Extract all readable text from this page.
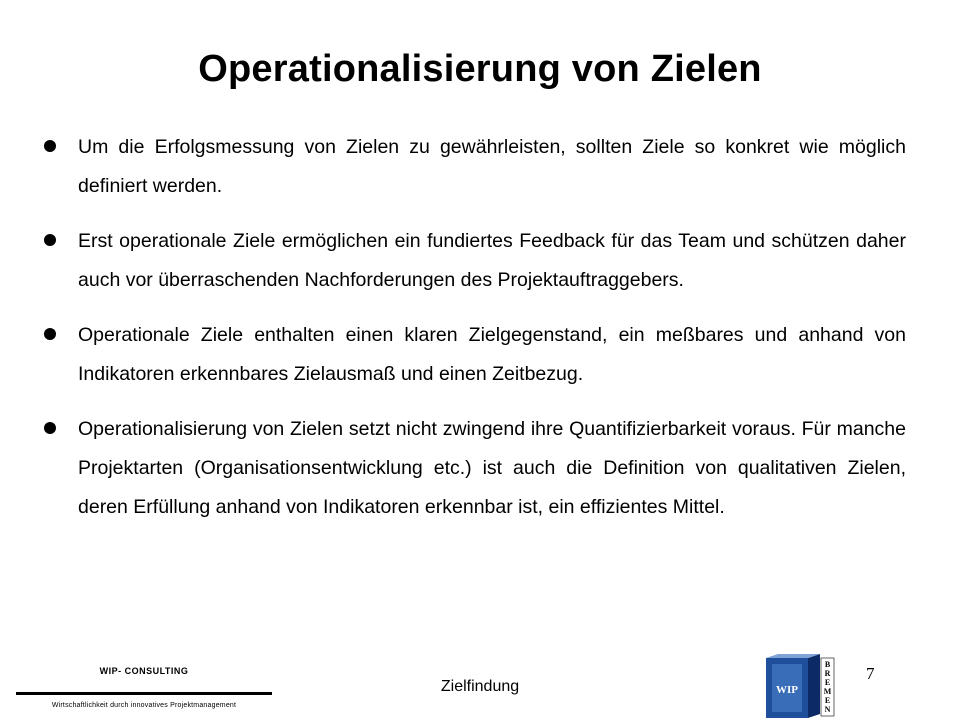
Operationalisierung von Zielen
Um die Erfolgsmessung von Zielen zu gewährleisten, sollten Ziele so konkret wie möglich definiert werden.
Erst operationale Ziele ermöglichen ein fundiertes Feedback für das Team und schützen daher auch vor überraschenden Nachforderungen des Projektauftraggebers.
Operationale Ziele enthalten einen klaren Zielgegenstand, ein meßbares und anhand von Indikatoren erkennbares Zielausmaß und einen Zeitbezug.
Operationalisierung von Zielen setzt nicht zwingend ihre Quantifizierbarkeit voraus. Für manche Projektarten (Organisationsentwicklung etc.) ist auch die Definition von qualitativen Zielen, deren Erfüllung anhand von Indikatoren erkennbar ist, ein effizientes Mittel.
WIP- CONSULTING
Wirtschaftlichkeit durch innovatives Projektmanagement
Zielfindung	WIP
B
R
E
M
E
N
7
